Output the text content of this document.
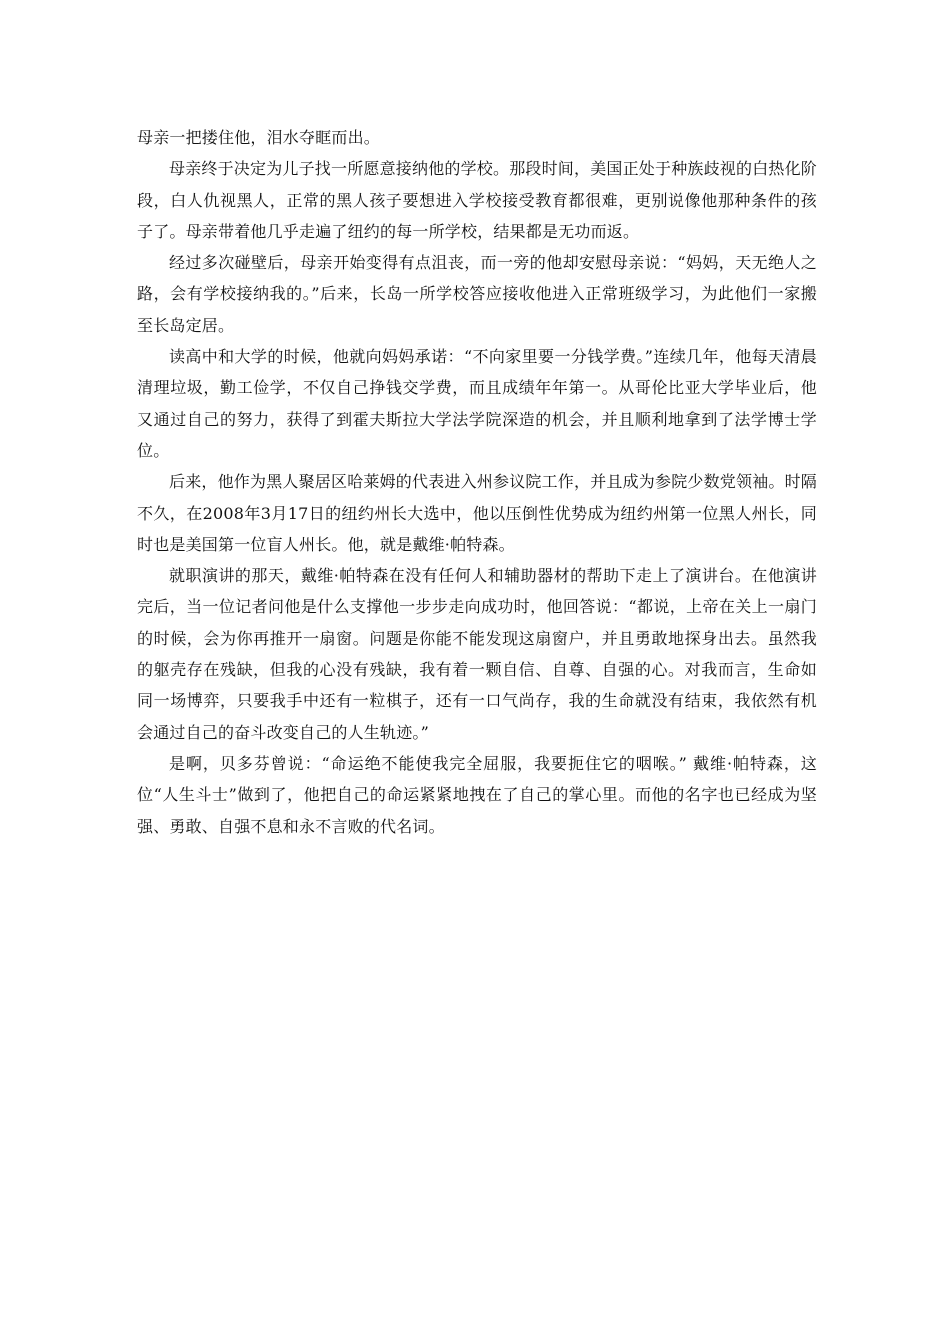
母亲一把搂住他，泪水夺眶而出。

母亲终于决定为儿子找一所愿意接纳他的学校。那段时间，美国正处于种族歧视的白热化阶段，白人仇视黑人，正常的黑人孩子要想进入学校接受教育都很难，更别说像他那种条件的孩子了。母亲带着他几乎走遍了纽约的每一所学校，结果都是无功而返。

经过多次碰壁后，母亲开始变得有点沮丧，而一旁的他却安慰母亲说：“妈妈，天无绝人之路，会有学校接纳我的。”后来，长岛一所学校答应接收他进入正常班级学习，为此他们一家搬至长岛定居。

读高中和大学的时候，他就向妈妈承诺：“不向家里要一分钱学费。”连续几年，他每天清晨清理垃圾，勤工俭学，不仅自己挣钱交学费，而且成绩年年第一。从哥伦比亚大学毕业后，他又通过自己的努力，获得了到霍夫斯拉大学法学院深造的机会，并且顺利地拿到了法学博士学位。

后来，他作为黑人聚居区哈莱姆的代表进入州参议院工作，并且成为参院少数党领袖。时隔不久，在2008年3月17日的纽约州长大选中，他以压倒性优势成为纽约州第一位黑人州长，同时也是美国第一位盲人州长。他，就是戴维·帕特森。

就职演讲的那天，戴维·帕特森在没有任何人和辅助器材的帮助下走上了演讲台。在他演讲完后，当一位记者问他是什么支撑他一步步走向成功时，他回答说：“都说，上帝在关上一扇门的时候，会为你再推开一扇窗。问题是你能不能发现这扇窗户，并且勇敢地探身出去。虽然我的躯壳存在残缺，但我的心没有残缺，我有着一颗自信、自尊、自强的心。对我而言，生命如同一场博弈，只要我手中还有一粒棋子，还有一口气尚存，我的生命就没有结束，我依然有机会通过自己的奋斗改变自己的人生轨迹。”

是啊，贝多芬曾说：“命运绝不能使我完全屈服，我要扼住它的咽喉。” 戴维·帕特森，这位“人生斗士”做到了，他把自己的命运紧紧地拽在了自己的掌心里。而他的名字也已经成为坚强、勇敢、自强不息和永不言败的代名词。
